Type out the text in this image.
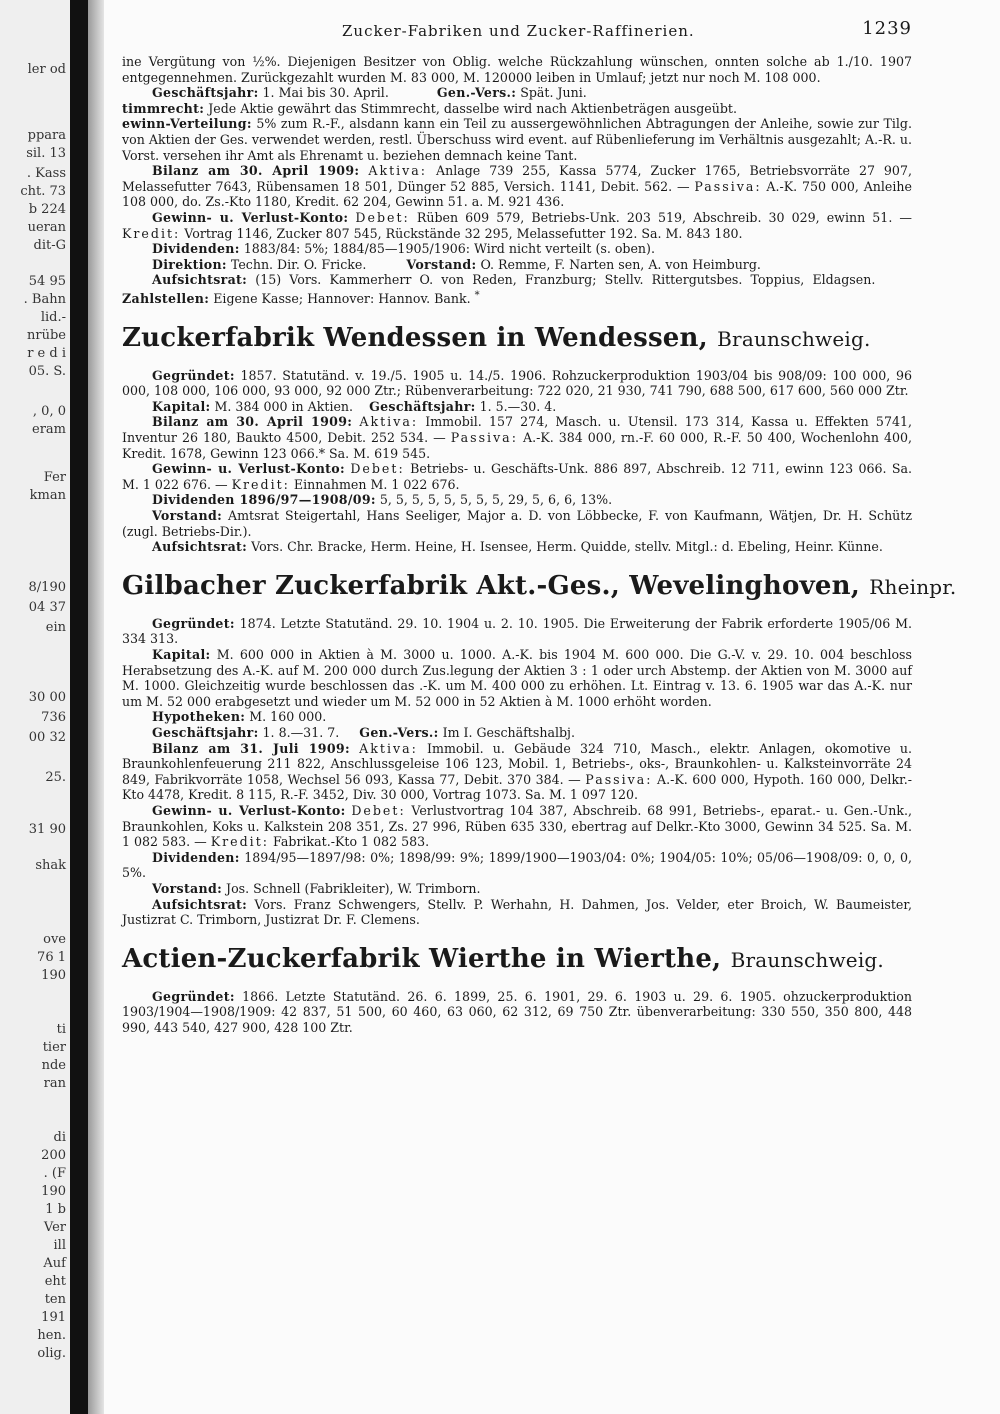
ler od
ppara
sil. 13
. Kass
cht. 73
b 224
ueran
dit-G
54 95
. Bahn
lid.-
nrübe
r e d i
05. S.
, 0, 0
eram
Fer
kman
8/190
04 37
ein
30 00
736
00 32
25.
31 90
shak
ove
76 1
190
ti
tier
nde
ran
di
200
. (F
190
1 b
Ver
ill
Auf
eht
ten
191
hen.
olig.
Zucker-Fabriken und Zucker-Raffinerien.	1239

ine Vergütung von ½%. Diejenigen Besitzer von Oblig. welche Rückzahlung wünschen, onnten solche ab 1./10. 1907 entgegennehmen. Zurückgezahlt wurden M. 83 000, M. 120000 leiben in Umlauf; jetzt nur noch M. 108 000.

Geschäftsjahr: 1. Mai bis 30. April.	Gen.-Vers.: Spät. Juni.

timmrecht: Jede Aktie gewährt das Stimmrecht, dasselbe wird nach Aktienbeträgen ausgeübt.

ewinn-Verteilung: 5% zum R.-F., alsdann kann ein Teil zu aussergewöhnlichen Abtragungen der Anleihe, sowie zur Tilg. von Aktien der Ges. verwendet werden, restl. Überschuss wird event. auf Rübenlieferung im Verhältnis ausgezahlt; A.-R. u. Vorst. versehen ihr Amt als Ehrenamt u. beziehen demnach keine Tant.

Bilanz am 30. April 1909: Aktiva: Anlage 739 255, Kassa 5774, Zucker 1765, Betriebsvorräte 27 907, Melassefutter 7643, Rübensamen 18 501, Dünger 52 885, Versich. 1141, Debit. 562. — Passiva: A.-K. 750 000, Anleihe 108 000, do. Zs.-Kto 1180, Kredit. 62 204, Gewinn 51. a. M. 921 436.

Gewinn- u. Verlust-Konto: Debet: Rüben 609 579, Betriebs-Unk. 203 519, Abschreib. 30 029, ewinn 51. — Kredit: Vortrag 1146, Zucker 807 545, Rückstände 32 295, Melassefutter 192. Sa. M. 843 180.

Dividenden: 1883/84: 5%; 1884/85—1905/1906: Wird nicht verteilt (s. oben).

Direktion: Techn. Dir. O. Fricke.	Vorstand: O. Remme, F. Narten sen, A. von Heimburg.

Aufsichtsrat: (15) Vors. Kammerherr O. von Reden, Franzburg; Stellv. Rittergutsbes. Toppius, Eldagsen.      Zahlstellen: Eigene Kasse; Hannover: Hannov. Bank. *

Zuckerfabrik Wendessen in Wendessen, Braunschweig.

Gegründet: 1857. Statutänd. v. 19./5. 1905 u. 14./5. 1906. Rohzuckerproduktion 1903/04 bis 908/09: 100 000, 96 000, 108 000, 106 000, 93 000, 92 000 Ztr.; Rübenverarbeitung: 722 020, 21 930, 741 790, 688 500, 617 600, 560 000 Ztr.

Kapital: M. 384 000 in Aktien. Geschäftsjahr: 1. 5.—30. 4.

Bilanz am 30. April 1909: Aktiva: Immobil. 157 274, Masch. u. Utensil. 173 314, Kassa u. Effekten 5741, Inventur 26 180, Baukto 4500, Debit. 252 534. — Passiva: A.-K. 384 000, rn.-F. 60 000, R.-F. 50 400, Wochenlohn 400, Kredit. 1678, Gewinn 123 066.* Sa. M. 619 545.

Gewinn- u. Verlust-Konto: Debet: Betriebs- u. Geschäfts-Unk. 886 897, Abschreib. 12 711, ewinn 123 066. Sa. M. 1 022 676. — Kredit: Einnahmen M. 1 022 676.

Dividenden 1896/97—1908/09: 5, 5, 5, 5, 5, 5, 5, 5, 29, 5, 6, 6, 13%.

Vorstand: Amtsrat Steigertahl, Hans Seeliger, Major a. D. von Löbbecke, F. von Kaufmann, Wätjen, Dr. H. Schütz (zugl. Betriebs-Dir.).

Aufsichtsrat: Vors. Chr. Bracke, Herm. Heine, H. Isensee, Herm. Quidde, stellv. Mitgl.: d. Ebeling, Heinr. Künne.

Gilbacher Zuckerfabrik Akt.-Ges., Wevelinghoven, Rheinpr.

Gegründet: 1874. Letzte Statutänd. 29. 10. 1904 u. 2. 10. 1905. Die Erweiterung der Fabrik erforderte 1905/06 M. 334 313.

Kapital: M. 600 000 in Aktien à M. 3000 u. 1000. A.-K. bis 1904 M. 600 000. Die G.-V. v. 29. 10. 004 beschloss Herabsetzung des A.-K. auf M. 200 000 durch Zus.legung der Aktien 3 : 1 oder urch Abstemp. der Aktien von M. 3000 auf M. 1000. Gleichzeitig wurde beschlossen das .-K. um M. 400 000 zu erhöhen. Lt. Eintrag v. 13. 6. 1905 war das A.-K. nur um M. 52 000 erabgesetzt und wieder um M. 52 000 in 52 Aktien à M. 1000 erhöht worden.

Hypotheken: M. 160 000.

Geschäftsjahr: 1. 8.—31. 7. Gen.-Vers.: Im I. Geschäftshalbj.

Bilanz am 31. Juli 1909: Aktiva: Immobil. u. Gebäude 324 710, Masch., elektr. Anlagen, okomotive u. Braunkohlenfeuerung 211 822, Anschlussgeleise 106 123, Mobil. 1, Betriebs-, oks-, Braunkohlen- u. Kalksteinvorräte 24 849, Fabrikvorräte 1058, Wechsel 56 093, Kassa 77, Debit. 370 384. — Passiva: A.-K. 600 000, Hypoth. 160 000, Delkr.-Kto 4478, Kredit. 8 115, R.-F. 3452, Div. 30 000, Vortrag 1073. Sa. M. 1 097 120.

Gewinn- u. Verlust-Konto: Debet: Verlustvortrag 104 387, Abschreib. 68 991, Betriebs-, eparat.- u. Gen.-Unk., Braunkohlen, Koks u. Kalkstein 208 351, Zs. 27 996, Rüben 635 330, ebertrag auf Delkr.-Kto 3000, Gewinn 34 525. Sa. M. 1 082 583. — Kredit: Fabrikat.-Kto 1 082 583.

Dividenden: 1894/95—1897/98: 0%; 1898/99: 9%; 1899/1900—1903/04: 0%; 1904/05: 10%; 05/06—1908/09: 0, 0, 0, 5%.

Vorstand: Jos. Schnell (Fabrikleiter), W. Trimborn.

Aufsichtsrat: Vors. Franz Schwengers, Stellv. P. Werhahn, H. Dahmen, Jos. Velder, eter Broich, W. Baumeister, Justizrat C. Trimborn, Justizrat Dr. F. Clemens.

Actien-Zuckerfabrik Wierthe in Wierthe, Braunschweig.

Gegründet: 1866. Letzte Statutänd. 26. 6. 1899, 25. 6. 1901, 29. 6. 1903 u. 29. 6. 1905. ohzuckerproduktion 1903/1904—1908/1909: 42 837, 51 500, 60 460, 63 060, 62 312, 69 750 Ztr. übenverarbeitung: 330 550, 350 800, 448 990, 443 540, 427 900, 428 100 Ztr.
